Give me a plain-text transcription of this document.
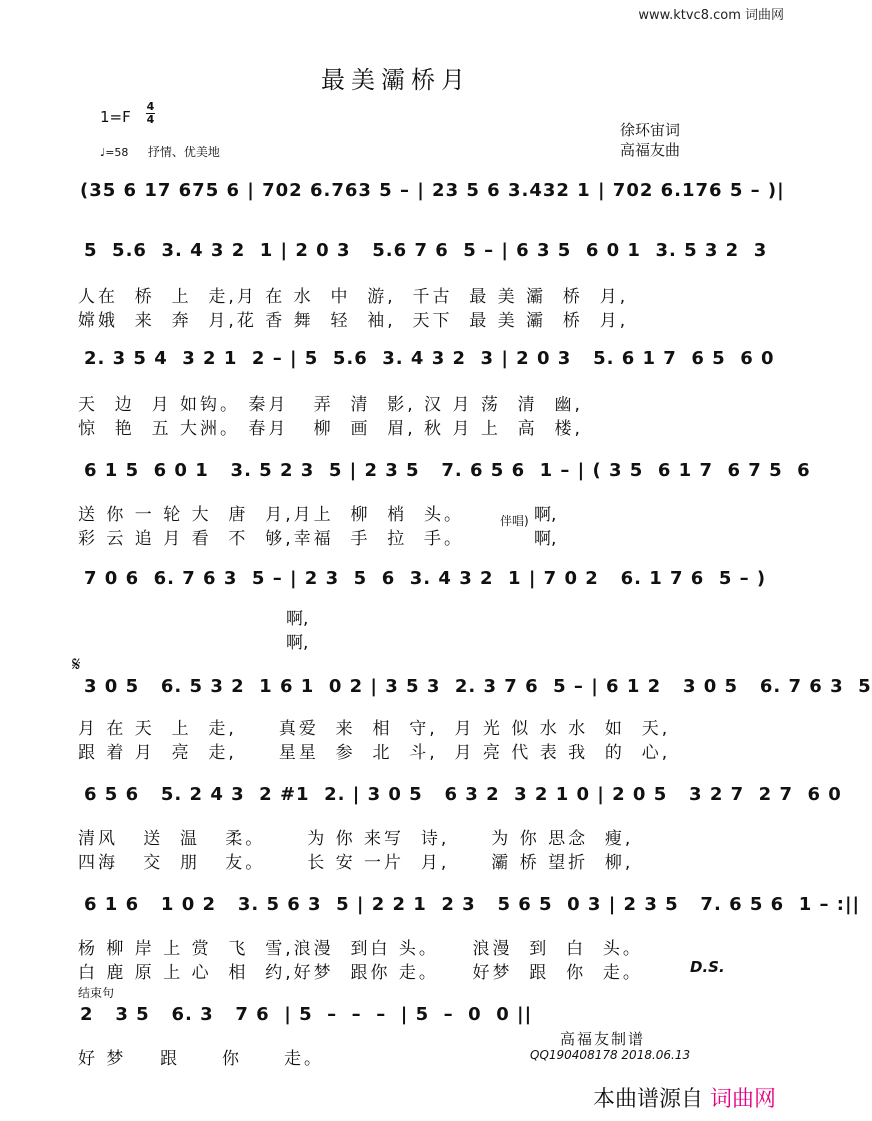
www.ktvc8.com 词曲网
最美灞桥月
1=F
4
4
♩=58 抒情、优美地
徐环宙词
高福友曲
(35 6 17 675 6 | 702 6.763 5 – | 23 5 6 3.432 1 | 702 6.176 5 – )|
5  5.6  3. 4 3 2  1 | 2 0 3   5.6 7 6  5 – | 6 3 5  6 0 1  3. 5 3 2  3
人在  桥  上  走,月 在 水  中  游,  千古  最 美 灞  桥  月,
嫦娥  来  奔  月,花 香 舞  轻  袖,  天下  最 美 灞  桥  月,
2. 3 5 4  3 2 1  2 – | 5  5.6  3. 4 3 2  3 | 2 0 3   5. 6 1 7  6 5  6 0
天  边  月 如钩。 秦月   弄  清  影, 汉 月 荡  清  幽,
惊  艳  五 大洲。 春月   柳  画  眉, 秋 月 上  高  楼,
6 1 5  6 0 1   3. 5 2 3  5 | 2 3 5   7. 6 5 6  1 – | ( 3 5  6 1 7  6 7 5  6
送 你 一 轮 大  唐  月,月上  柳  梢  头。
彩 云 追 月 看  不  够,幸福  手  拉  手。
伴唱) 啊,
啊,
7 0 6  6. 7 6 3  5 – | 2 3  5  6  3. 4 3 2  1 | 7 0 2   6. 1 7 6  5 – )
啊,
啊,
𝄋
3 0 5   6. 5 3 2  1 6 1  0 2 | 3 5 3  2. 3 7 6  5 – | 6 1 2   3 0 5   6. 7 6 3  5
月 在 天  上  走,     真爱  来  相  守,  月 光 似 水 水  如  天,
跟 着 月  亮  走,     星星  参  北  斗,  月 亮 代 表 我  的  心,
6 5 6   5. 2 4 3  2 #1  2. | 3 0 5   6 3 2  3 2 1 0 | 2 0 5   3 2 7  2 7  6 0
清风   送  温   柔。     为 你 来写  诗,     为 你 思念  瘦,
四海   交  朋   友。     长 安 一片  月,     灞 桥 望折  柳,
6 1 6   1 0 2   3. 5 6 3  5 | 2 2 1  2 3   5 6 5  0 3 | 2 3 5   7. 6 5 6  1 – :||
杨 柳 岸 上 赏  飞  雪,浪漫  到白 头。    浪漫  到  白  头。
白 鹿 原 上 心  相  约,好梦  跟你 走。    好梦  跟  你  走。	D.S.
结束句
2   3 5   6. 3   7 6  | 5  –  –  –  | 5  –  0  0 ||
好 梦    跟     你     走。
高福友制谱
QQ190408178 2018.06.13
本曲谱源自 词曲网
